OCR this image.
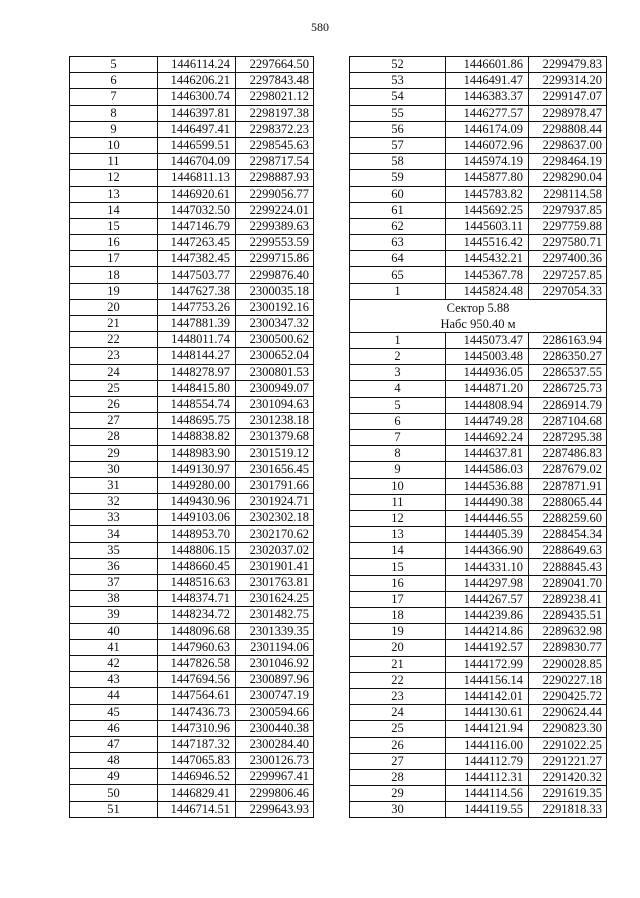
580
5	1446114.24	2297664.50
6	1446206.21	2297843.48
7	1446300.74	2298021.12
8	1446397.81	2298197.38
9	1446497.41	2298372.23
10	1446599.51	2298545.63
11	1446704.09	2298717.54
12	1446811.13	2298887.93
13	1446920.61	2299056.77
14	1447032.50	2299224.01
15	1447146.79	2299389.63
16	1447263.45	2299553.59
17	1447382.45	2299715.86
18	1447503.77	2299876.40
19	1447627.38	2300035.18
20	1447753.26	2300192.16
21	1447881.39	2300347.32
22	1448011.74	2300500.62
23	1448144.27	2300652.04
24	1448278.97	2300801.53
25	1448415.80	2300949.07
26	1448554.74	2301094.63
27	1448695.75	2301238.18
28	1448838.82	2301379.68
29	1448983.90	2301519.12
30	1449130.97	2301656.45
31	1449280.00	2301791.66
32	1449430.96	2301924.71
33	1449103.06	2302302.18
34	1448953.70	2302170.62
35	1448806.15	2302037.02
36	1448660.45	2301901.41
37	1448516.63	2301763.81
38	1448374.71	2301624.25
39	1448234.72	2301482.75
40	1448096.68	2301339.35
41	1447960.63	2301194.06
42	1447826.58	2301046.92
43	1447694.56	2300897.96
44	1447564.61	2300747.19
45	1447436.73	2300594.66
46	1447310.96	2300440.38
47	1447187.32	2300284.40
48	1447065.83	2300126.73
49	1446946.52	2299967.41
50	1446829.41	2299806.46
51	1446714.51	2299643.93
52	1446601.86	2299479.83
53	1446491.47	2299314.20
54	1446383.37	2299147.07
55	1446277.57	2298978.47
56	1446174.09	2298808.44
57	1446072.96	2298637.00
58	1445974.19	2298464.19
59	1445877.80	2298290.04
60	1445783.82	2298114.58
61	1445692.25	2297937.85
62	1445603.11	2297759.88
63	1445516.42	2297580.71
64	1445432.21	2297400.36
65	1445367.78	2297257.85
1	1445824.48	2297054.33

Сектор 5.88
Набс 950.40 м		

1	1445073.47	2286163.94
2	1445003.48	2286350.27
3	1444936.05	2286537.55
4	1444871.20	2286725.73
5	1444808.94	2286914.79
6	1444749.28	2287104.68
7	1444692.24	2287295.38
8	1444637.81	2287486.83
9	1444586.03	2287679.02
10	1444536.88	2287871.91
11	1444490.38	2288065.44
12	1444446.55	2288259.60
13	1444405.39	2288454.34
14	1444366.90	2288649.63
15	1444331.10	2288845.43
16	1444297.98	2289041.70
17	1444267.57	2289238.41
18	1444239.86	2289435.51
19	1444214.86	2289632.98
20	1444192.57	2289830.77
21	1444172.99	2290028.85
22	1444156.14	2290227.18
23	1444142.01	2290425.72
24	1444130.61	2290624.44
25	1444121.94	2290823.30
26	1444116.00	2291022.25
27	1444112.79	2291221.27
28	1444112.31	2291420.32
29	1444114.56	2291619.35
30	1444119.55	2291818.33
